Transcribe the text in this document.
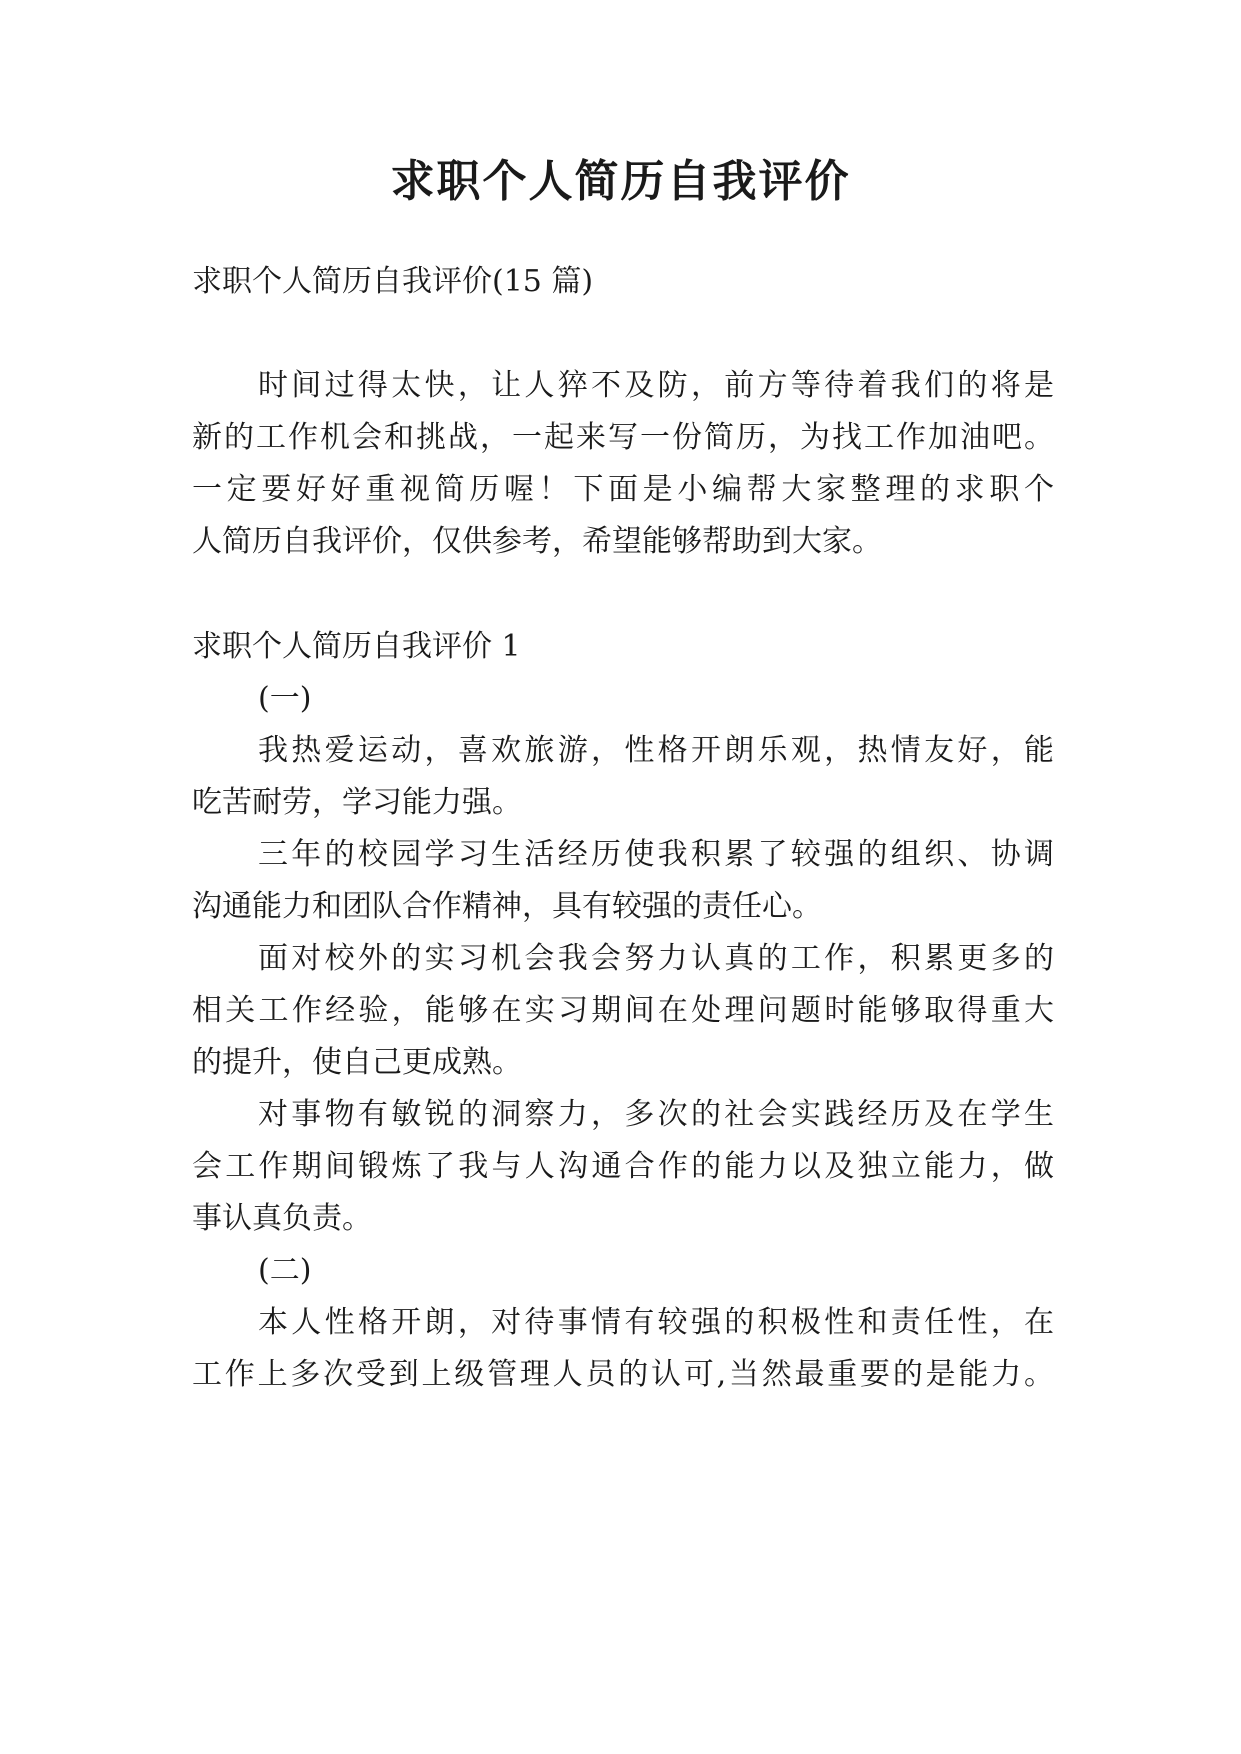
求职个人简历自我评价

求职个人简历自我评价(15 篇)

时间过得太快，让人猝不及防，前方等待着我们的将是

新的工作机会和挑战，一起来写一份简历，为找工作加油吧。

一定要好好重视简历喔！下面是小编帮大家整理的求职个

人简历自我评价，仅供参考，希望能够帮助到大家。

求职个人简历自我评价 1

(一)

我热爱运动，喜欢旅游，性格开朗乐观，热情友好，能

吃苦耐劳，学习能力强。

三年的校园学习生活经历使我积累了较强的组织、协调

沟通能力和团队合作精神，具有较强的责任心。

面对校外的实习机会我会努力认真的工作，积累更多的

相关工作经验，能够在实习期间在处理问题时能够取得重大

的提升，使自己更成熟。

对事物有敏锐的洞察力，多次的社会实践经历及在学生

会工作期间锻炼了我与人沟通合作的能力以及独立能力，做

事认真负责。

(二)

本人性格开朗，对待事情有较强的积极性和责任性，在

工作上多次受到上级管理人员的认可,当然最重要的是能力。
